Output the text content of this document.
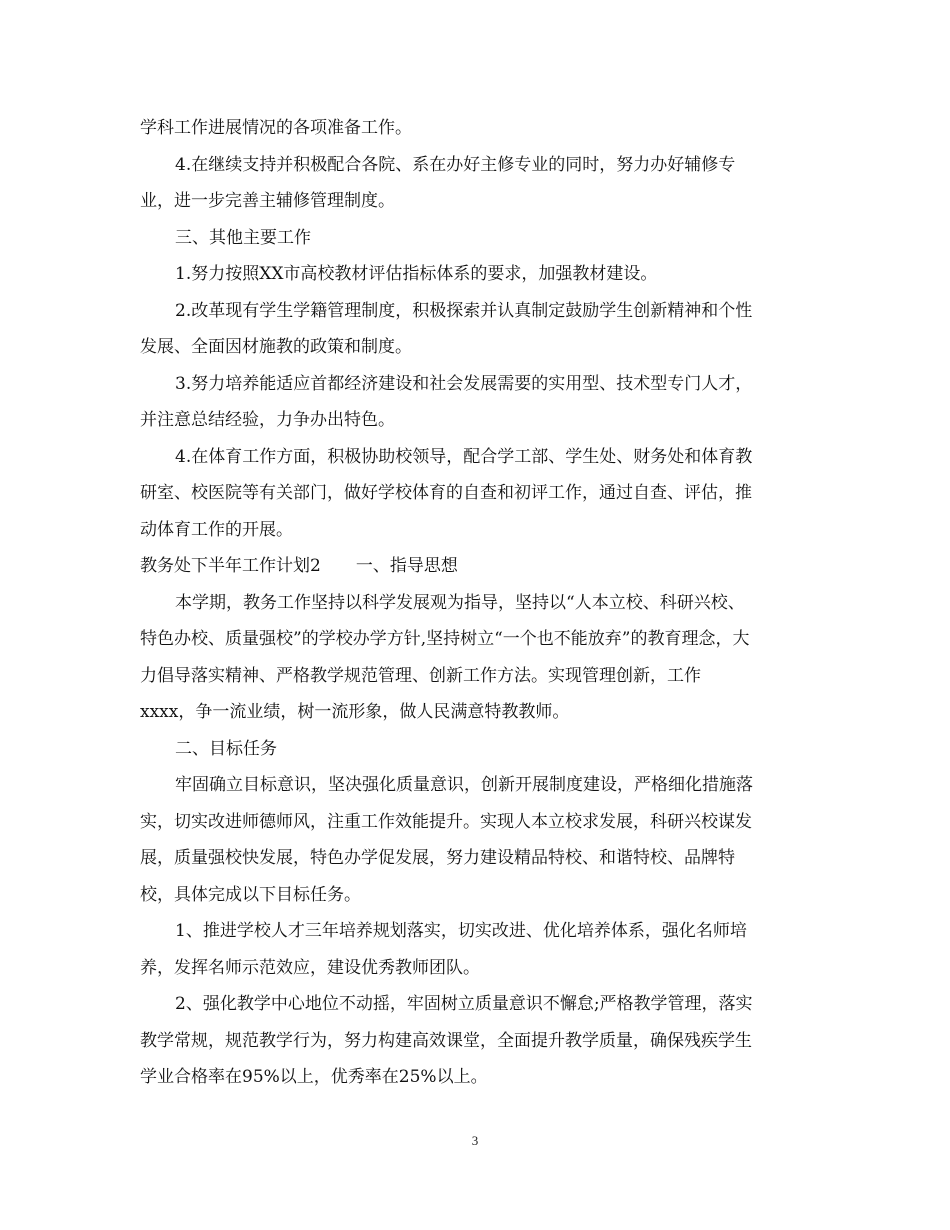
学科工作进展情况的各项准备工作。
4.在继续支持并积极配合各院、系在办好主修专业的同时，努力办好辅修专
业，进一步完善主辅修管理制度。
三、其他主要工作
1.努力按照XX市高校教材评估指标体系的要求，加强教材建设。
2.改革现有学生学籍管理制度，积极探索并认真制定鼓励学生创新精神和个性
发展、全面因材施教的政策和制度。
3.努力培养能适应首都经济建设和社会发展需要的实用型、技术型专门人才，
并注意总结经验，力争办出特色。
4.在体育工作方面，积极协助校领导，配合学工部、学生处、财务处和体育教
研室、校医院等有关部门，做好学校体育的自查和初评工作，通过自查、评估，推
动体育工作的开展。
教务处下半年工作计划2 一、指导思想
本学期，教务工作坚持以科学发展观为指导，坚持以“人本立校、科研兴校、
特色办校、质量强校”的学校办学方针,坚持树立“一个也不能放弃”的教育理念，大
力倡导落实精神、严格教学规范管理、创新工作方法。实现管理创新，工作
xxxx，争一流业绩，树一流形象，做人民满意特教教师。
二、目标任务
牢固确立目标意识，坚决强化质量意识，创新开展制度建设，严格细化措施落
实，切实改进师德师风，注重工作效能提升。实现人本立校求发展，科研兴校谋发
展，质量强校快发展，特色办学促发展，努力建设精品特校、和谐特校、品牌特
校，具体完成以下目标任务。
1、推进学校人才三年培养规划落实，切实改进、优化培养体系，强化名师培
养，发挥名师示范效应，建设优秀教师团队。
2、强化教学中心地位不动摇，牢固树立质量意识不懈怠;严格教学管理，落实
教学常规，规范教学行为，努力构建高效课堂，全面提升教学质量，确保残疾学生
学业合格率在95%以上，优秀率在25%以上。
3
